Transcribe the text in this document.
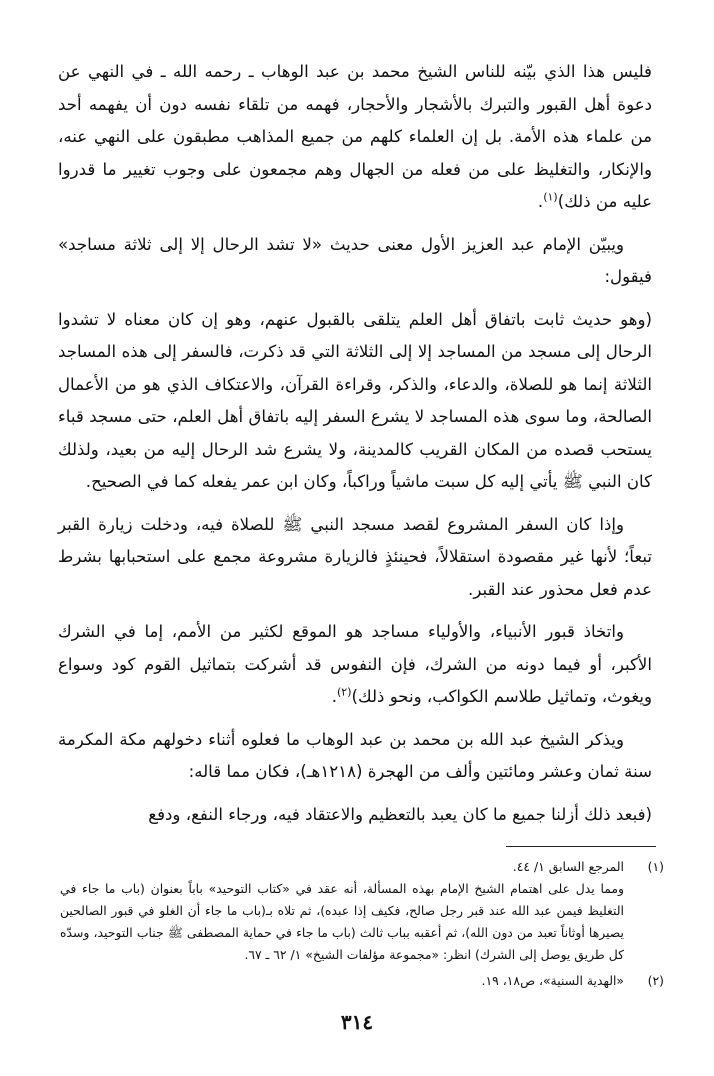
فليس هذا الذي بيّنه للناس الشيخ محمد بن عبد الوهاب ـ رحمه الله ـ في النهي عن دعوة أهل القبور والتبرك بالأشجار والأحجار، فهمه من تلقاء نفسه دون أن يفهمه أحد من علماء هذه الأمة. بل إن العلماء كلهم من جميع المذاهب مطبقون على النهي عنه، والإنكار، والتغليظ على من فعله من الجهال وهم مجمعون على وجوب تغيير ما قدروا عليه من ذلك)$^{(١)}$.

ويبيّن الإمام عبد العزيز الأول معنى حديث «لا تشد الرحال إلا إلى ثلاثة مساجد» فيقول:

(وهو حديث ثابت باتفاق أهل العلم يتلقى بالقبول عنهم، وهو إن كان معناه لا تشدوا الرحال إلى مسجد من المساجد إلا إلى الثلاثة التي قد ذكرت، فالسفر إلى هذه المساجد الثلاثة إنما هو للصلاة، والدعاء، والذكر، وقراءة القرآن، والاعتكاف الذي هو من الأعمال الصالحة، وما سوى هذه المساجد لا يشرع السفر إليه باتفاق أهل العلم، حتى مسجد قباء يستحب قصده من المكان القريب كالمدينة، ولا يشرع شد الرحال إليه من بعيد، ولذلك كان النبي ﷺ يأتي إليه كل سبت ماشياً وراكباً، وكان ابن عمر يفعله كما في الصحيح.

وإذا كان السفر المشروع لقصد مسجد النبي ﷺ للصلاة فيه، ودخلت زيارة القبر تبعاً؛ لأنها غير مقصودة استقلالاً، فحينئذٍ فالزيارة مشروعة مجمع على استحبابها بشرط عدم فعل محذور عند القبر.

واتخاذ قبور الأنبياء، والأولياء مساجد هو الموقع لكثير من الأمم، إما في الشرك الأكبر، أو فيما دونه من الشرك، فإن النفوس قد أشركت بتماثيل القوم كود وسواع ويغوث، وتماثيل طلاسم الكواكب، ونحو ذلك)$^{(٢)}$.

ويذكر الشيخ عبد الله بن محمد بن عبد الوهاب ما فعلوه أثناء دخولهم مكة المكرمة سنة ثمان وعشر ومائتين وألف من الهجرة (١٢١٨هـ)، فكان مما قاله:

(فبعد ذلك أزلنا جميع ما كان يعبد بالتعظيم والاعتقاد فيه، ورجاء النفع، ودفع

(١)

المرجع السابق ١/ ٤٤.

ومما يدل على اهتمام الشيخ الإمام بهذه المسألة، أنه عقد في «كتاب التوحيد» باباً بعنوان (باب ما جاء في التغليظ فيمن عبد الله عند قبر رجل صالح، فكيف إذا عبده)، ثم تلاه بـ(باب ما جاء أن الغلو في قبور الصالحين يصيرها أوثاناً تعبد من دون الله)، ثم أعقبه بباب ثالث (باب ما جاء في حماية المصطفى ﷺ جناب التوحيد، وسدّه كل طريق يوصل إلى الشرك) انظر: «مجموعة مؤلفات الشيخ» ١/ ٦٢ ـ ٦٧.

(٢)

«الهدية السنية»، ص١٨، ١٩.

٣١٤
